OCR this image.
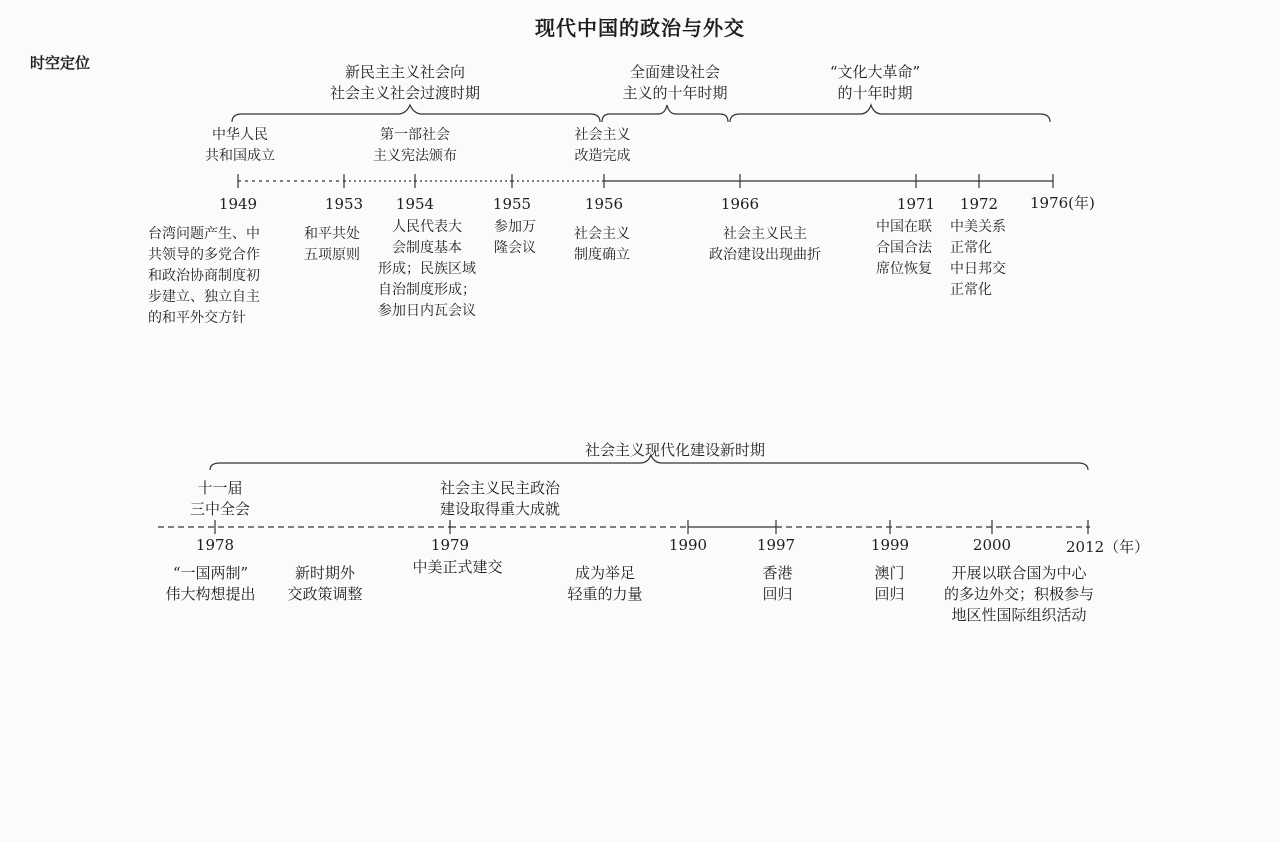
现代中国的政治与外交
时空定位	新民主主义社会向
社会主义社会过渡时期
全面建设社会
主义的十年时期
“文化大革命”
的十年时期
中华人民
共和国成立
第一部社会
主义宪法颁布
社会主义
改造完成
1949	1953	1954	1955	1956	1966	1971	1972	1976(年)
台湾问题产生、中
共领导的多党合作
和政治协商制度初
步建立、独立自主
的和平外交方针
和平共处
五项原则
人民代表大
会制度基本
形成；民族区域
自治制度形成；
参加日内瓦会议
参加万
隆会议
社会主义
制度确立
社会主义民主
政治建设出现曲折
中国在联
合国合法
席位恢复
中美关系
正常化
中日邦交
正常化
社会主义现代化建设新时期
十一届
三中全会
社会主义民主政治
建设取得重大成就
1978	1979	1990	1997	1999	2000	2012（年）
“一国两制”
伟大构想提出
新时期外
交政策调整
中美正式建交	成为举足
轻重的力量
香港
回归
澳门
回归
开展以联合国为中心
的多边外交；积极参与
地区性国际组织活动
